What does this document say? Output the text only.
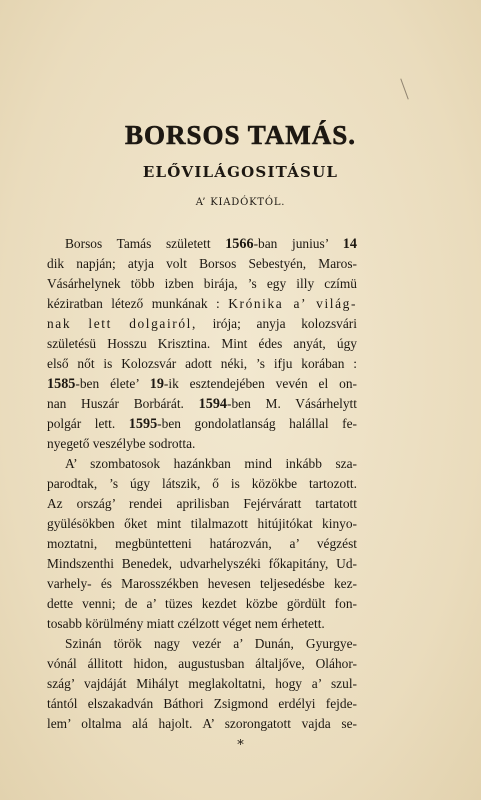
BORSOS TAMÁS.
ELŐVILÁGOSITÁSUL
A’ KIADÓKTÓL.
Borsos Tamás született 1566-ban junius’ 14
dik napján; atyja volt Borsos Sebestyén, Maros-
Vásárhelynek több izben birája, ’s egy illy czímü
kéziratban létező munkának : Krónika a’ világ-
nak lett dolgairól, irója; anyja kolozsvári
születésü Hosszu Krisztina. Mint édes anyát, úgy
első nőt is Kolozsvár adott néki, ’s ifju korában :
1585-ben élete’ 19-ik esztendejében vevén el on-
nan Huszár Borbárát. 1594-ben M. Vásárhelytt
polgár lett. 1595-ben gondolatlanság halállal fe-
nyegető veszélybe sodrotta.
A’ szombatosok hazánkban mind inkább sza-
parodtak, ’s úgy látszik, ő is közökbe tartozott.
Az ország’ rendei aprilisban Fejérváratt tartatott
gyülésökben őket mint tilalmazott hitújitókat kinyo-
moztatni, megbüntetteni határozván, a’ végzést
Mindszenthi Benedek, udvarhelyszéki főkapitány, Ud-
varhely- és Marosszékben hevesen teljesedésbe kez-
dette venni; de a’ tüzes kezdet közbe gördült fon-
tosabb körülmény miatt czélzott véget nem érhetett.
Szinán török nagy vezér a’ Dunán, Gyurgye-
vónál állitott hidon, augustusban általjőve, Oláhor-
szág’ vajdáját Mihályt meglakoltatni, hogy a’ szul-
tántól elszakadván Báthori Zsigmond erdélyi fejde-
lem’ oltalma alá hajolt. A’ szorongatott vajda se-
*
